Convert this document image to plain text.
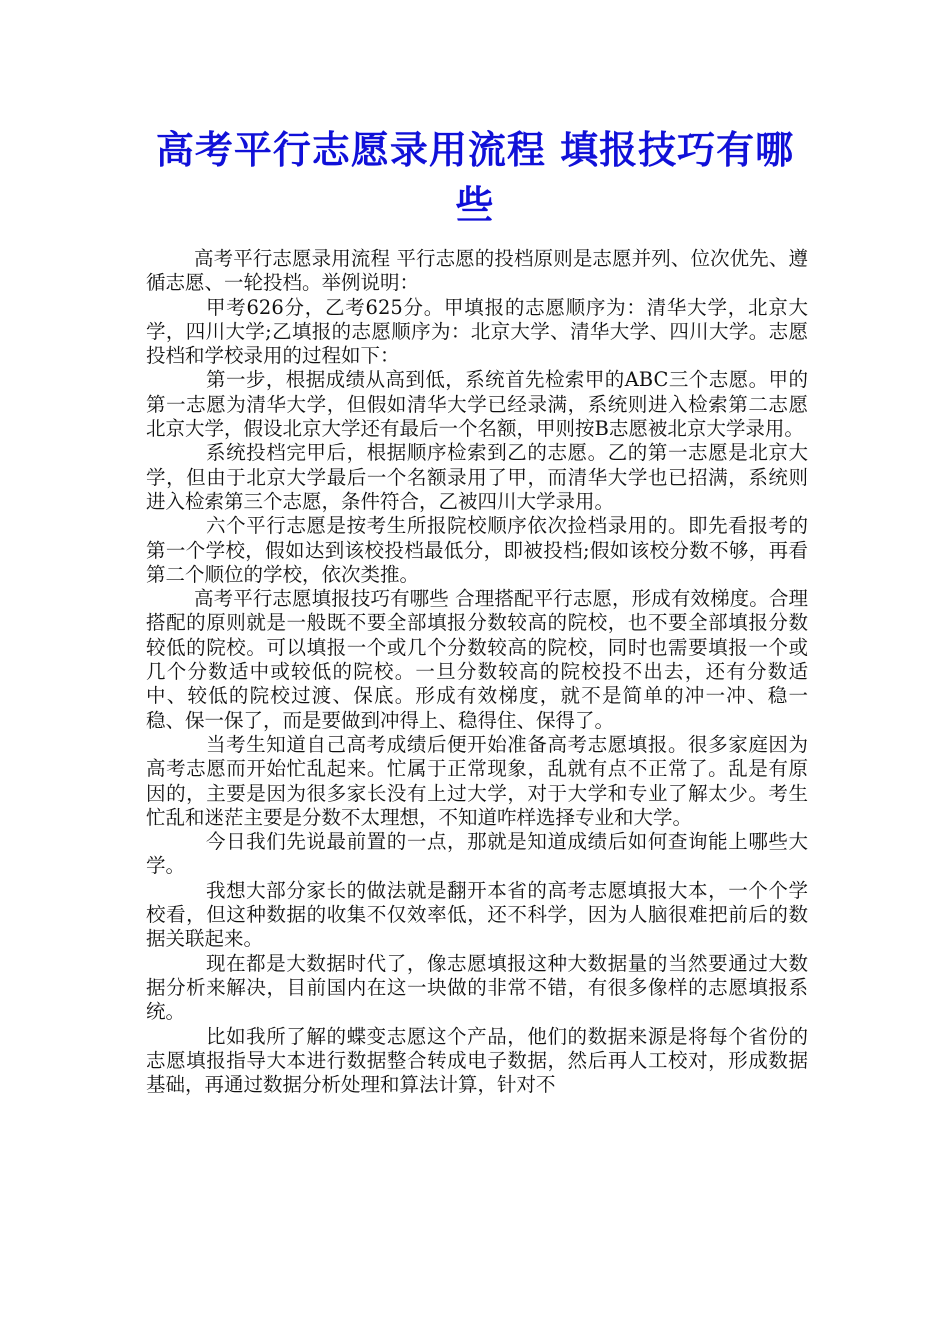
高考平行志愿录用流程 填报技巧有哪些

高考平行志愿录用流程 平行志愿的投档原则是志愿并列、位次优先、遵循志愿、一轮投档。举例说明：

甲考626分，乙考625分。甲填报的志愿顺序为：清华大学，北京大学，四川大学;乙填报的志愿顺序为：北京大学、清华大学、四川大学。志愿投档和学校录用的过程如下：

第一步，根据成绩从高到低，系统首先检索甲的ABC三个志愿。甲的第一志愿为清华大学，但假如清华大学已经录满，系统则进入检索第二志愿北京大学，假设北京大学还有最后一个名额，甲则按B志愿被北京大学录用。

系统投档完甲后，根据顺序检索到乙的志愿。乙的第一志愿是北京大学，但由于北京大学最后一个名额录用了甲，而清华大学也已招满，系统则进入检索第三个志愿，条件符合，乙被四川大学录用。

六个平行志愿是按考生所报院校顺序依次捡档录用的。即先看报考的第一个学校，假如达到该校投档最低分，即被投档;假如该校分数不够，再看第二个顺位的学校，依次类推。

高考平行志愿填报技巧有哪些 合理搭配平行志愿，形成有效梯度。合理搭配的原则就是一般既不要全部填报分数较高的院校，也不要全部填报分数较低的院校。可以填报一个或几个分数较高的院校，同时也需要填报一个或几个分数适中或较低的院校。一旦分数较高的院校投不出去，还有分数适中、较低的院校过渡、保底。形成有效梯度，就不是简单的冲一冲、稳一稳、保一保了，而是要做到冲得上、稳得住、保得了。

当考生知道自己高考成绩后便开始准备高考志愿填报。很多家庭因为高考志愿而开始忙乱起来。忙属于正常现象，乱就有点不正常了。乱是有原因的，主要是因为很多家长没有上过大学，对于大学和专业了解太少。考生忙乱和迷茫主要是分数不太理想，不知道咋样选择专业和大学。

今日我们先说最前置的一点，那就是知道成绩后如何查询能上哪些大学。

我想大部分家长的做法就是翻开本省的高考志愿填报大本，一个个学校看，但这种数据的收集不仅效率低，还不科学，因为人脑很难把前后的数据关联起来。

现在都是大数据时代了，像志愿填报这种大数据量的当然要通过大数据分析来解决，目前国内在这一块做的非常不错，有很多像样的志愿填报系统。

比如我所了解的蝶变志愿这个产品，他们的数据来源是将每个省份的志愿填报指导大本进行数据整合转成电子数据，然后再人工校对，形成数据基础，再通过数据分析处理和算法计算，针对不
